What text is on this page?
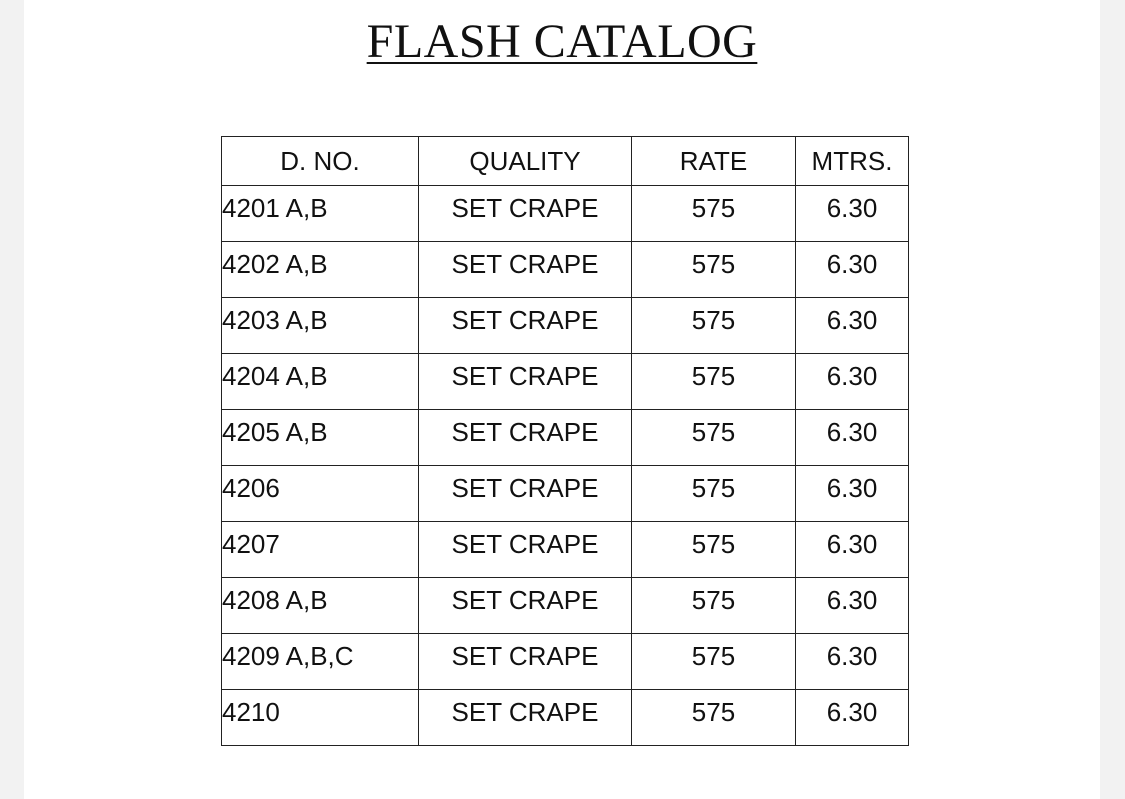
FLASH CATALOG
D. NO.	QUALITY	RATE	MTRS.
4201 A,B	SET CRAPE	575	6.30
4202 A,B	SET CRAPE	575	6.30
4203 A,B	SET CRAPE	575	6.30
4204 A,B	SET CRAPE	575	6.30
4205 A,B	SET CRAPE	575	6.30
4206	SET CRAPE	575	6.30
4207	SET CRAPE	575	6.30
4208 A,B	SET CRAPE	575	6.30
4209 A,B,C	SET CRAPE	575	6.30
4210	SET CRAPE	575	6.30
